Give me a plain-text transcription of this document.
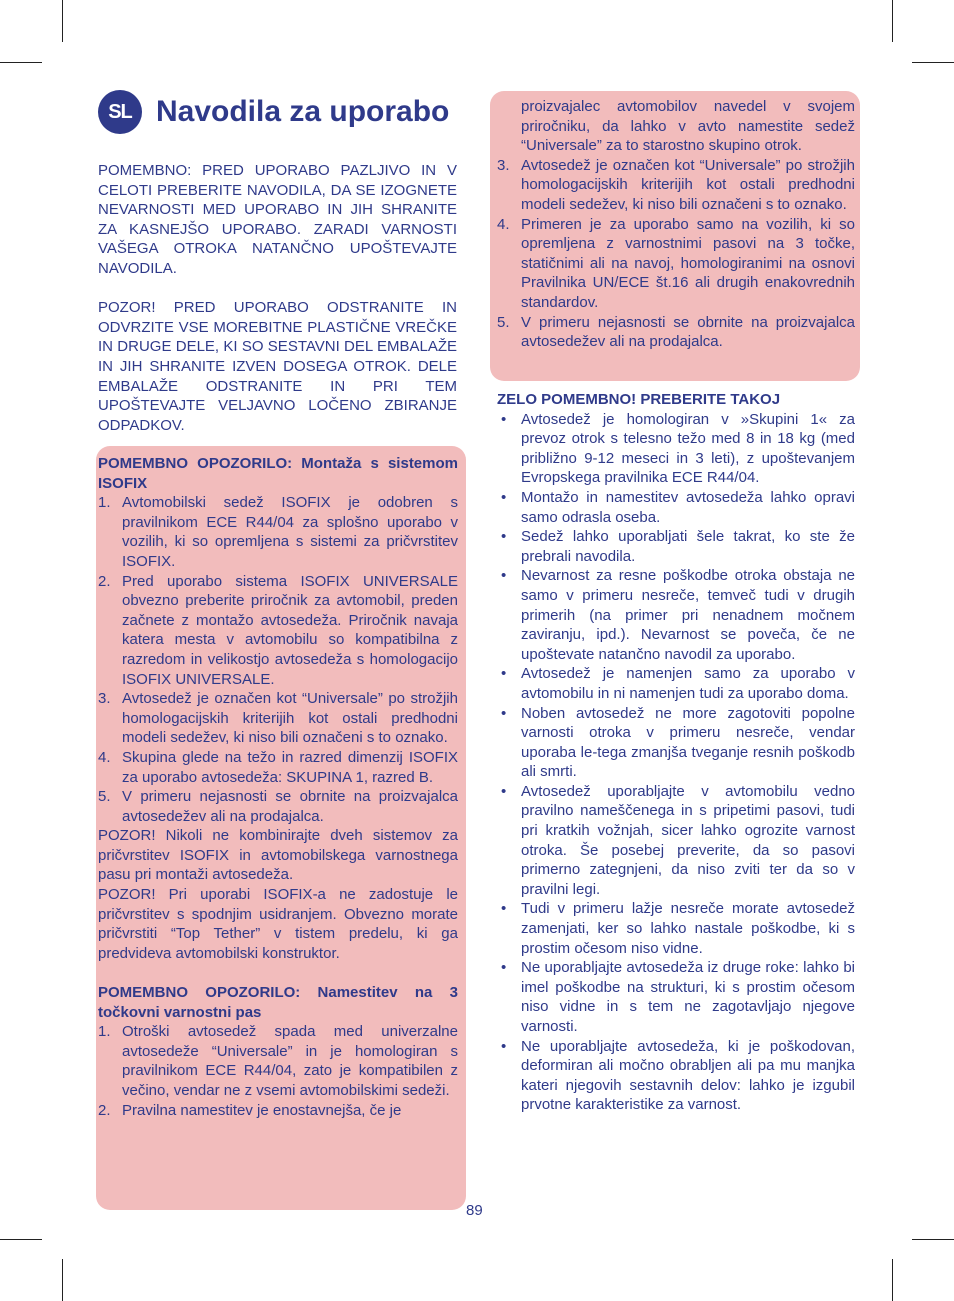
SL Navodila za uporabo

POMEMBNO: PRED UPORABO PAZLJIVO IN V CELOTI PREBERITE NAVODILA, DA SE IZOGNETE NEVARNOSTI MED UPORABO IN JIH SHRANITE ZA KASNEJŠO UPORABO. ZARADI VARNOSTI VAŠEGA OTROKA NATANČNO UPOŠTEVAJTE NAVODILA.

POZOR! PRED UPORABO ODSTRANITE IN ODVRZITE VSE MOREBITNE PLASTIČNE VREČKE IN DRUGE DELE, KI SO SESTAVNI DEL EMBALAŽE IN JIH SHRANITE IZVEN DOSEGA OTROK. DELE EMBALAŽE ODSTRANITE IN PRI TEM UPOŠTEVAJTE VELJAVNO LOČENO ZBIRANJE ODPADKOV.

POMEMBNO OPOZORILO: Montaža s sistemom ISOFIX

1. Avtomobilski sedež ISOFIX je odobren s pravilnikom ECE R44/04 za splošno uporabo v vozilih, ki so opremljena s sistemi za pričvrstitev ISOFIX.
2. Pred uporabo sistema ISOFIX UNIVERSALE obvezno preberite priročnik za avtomobil, preden začnete z montažo avtosedeža. Priročnik navaja katera mesta v avtomobilu so kompatibilna z razredom in velikostjo avtosedeža s homologacijo ISOFIX UNIVERSALE.
3. Avtosedež je označen kot “Universale” po strožjih homologacijskih kriterijih kot ostali predhodni modeli sedežev, ki niso bili označeni s to oznako.
4. Skupina glede na težo in razred dimenzij ISOFIX za uporabo avtosedeža: SKUPINA 1, razred B.
5. V primeru nejasnosti se obrnite na proizvajalca avtosedežev ali na prodajalca.

POZOR! Nikoli ne kombinirajte dveh sistemov za pričvrstitev ISOFIX in avtomobilskega varnostnega pasu pri montaži avtosedeža.

POZOR! Pri uporabi ISOFIX-a ne zadostuje le pričvrstitev s spodnjim usidranjem. Obvezno morate pričvrstiti “Top Tether” v tistem predelu, ki ga predvideva avtomobilski konstruktor.

POMEMBNO OPOZORILO: Namestitev na 3 točkovni varnostni pas

1. Otroški avtosedež spada med univerzalne avtosedeže “Universale” in je homologiran s pravilnikom ECE R44/04, zato je kompatibilen z večino, vendar ne z vsemi avtomobilskimi sedeži.
2. Pravilna namestitev je enostavnejša, če je
proizvajalec avtomobilov navedel v svojem priročniku, da lahko v avto namestite sedež “Universale” za to starostno skupino otrok.
3. Avtosedež je označen kot “Universale” po strožjih homologacijskih kriterijih kot ostali predhodni modeli sedežev, ki niso bili označeni s to oznako.
4. Primeren je za uporabo samo na vozilih, ki so opremljena z varnostnimi pasovi na 3 točke, statičnimi ali na navoj, homologiranimi na osnovi Pravilnika UN/ECE št.16 ali drugih enakovrednih standardov.
5. V primeru nejasnosti se obrnite na proizvajalca avtosedežev ali na prodajalca.

ZELO POMEMBNO! PREBERITE TAKOJ

• Avtosedež je homologiran v »Skupini 1« za prevoz otrok s telesno težo med 8 in 18 kg (med približno 9-12 meseci in 3 leti), z upoštevanjem Evropskega pravilnika ECE R44/04.
• Montažo in namestitev avtosedeža lahko opravi samo odrasla oseba.
• Sedež lahko uporabljati šele takrat, ko ste že prebrali navodila.
• Nevarnost za resne poškodbe otroka obstaja ne samo v primeru nesreče, temveč tudi v drugih primerih (na primer pri nenadnem močnem zaviranju, ipd.). Nevarnost se poveča, če ne upoštevate natančno navodil za uporabo.
• Avtosedež je namenjen samo za uporabo v avtomobilu in ni namenjen tudi za uporabo doma.
• Noben avtosedež ne more zagotoviti popolne varnosti otroka v primeru nesreče, vendar uporaba le-tega zmanjša tveganje resnih poškodb ali smrti.
• Avtosedež uporabljajte v avtomobilu vedno pravilno nameščenega in s pripetimi pasovi, tudi pri kratkih vožnjah, sicer lahko ogrozite varnost otroka. Še posebej preverite, da so pasovi primerno zategnjeni, da niso zviti ter da so v pravilni legi.
• Tudi v primeru lažje nesreče morate avtosedež zamenjati, ker so lahko nastale poškodbe, ki s prostim očesom niso vidne.
• Ne uporabljajte avtosedeža iz druge roke: lahko bi imel poškodbe na strukturi, ki s prostim očesom niso vidne in s tem ne zagotavljajo njegove varnosti.
• Ne uporabljajte avtosedeža, ki je poškodovan, deformiran ali močno obrabljen ali pa mu manjka kateri njegovih sestavnih delov: lahko je izgubil prvotne karakteristike za varnost.
89
